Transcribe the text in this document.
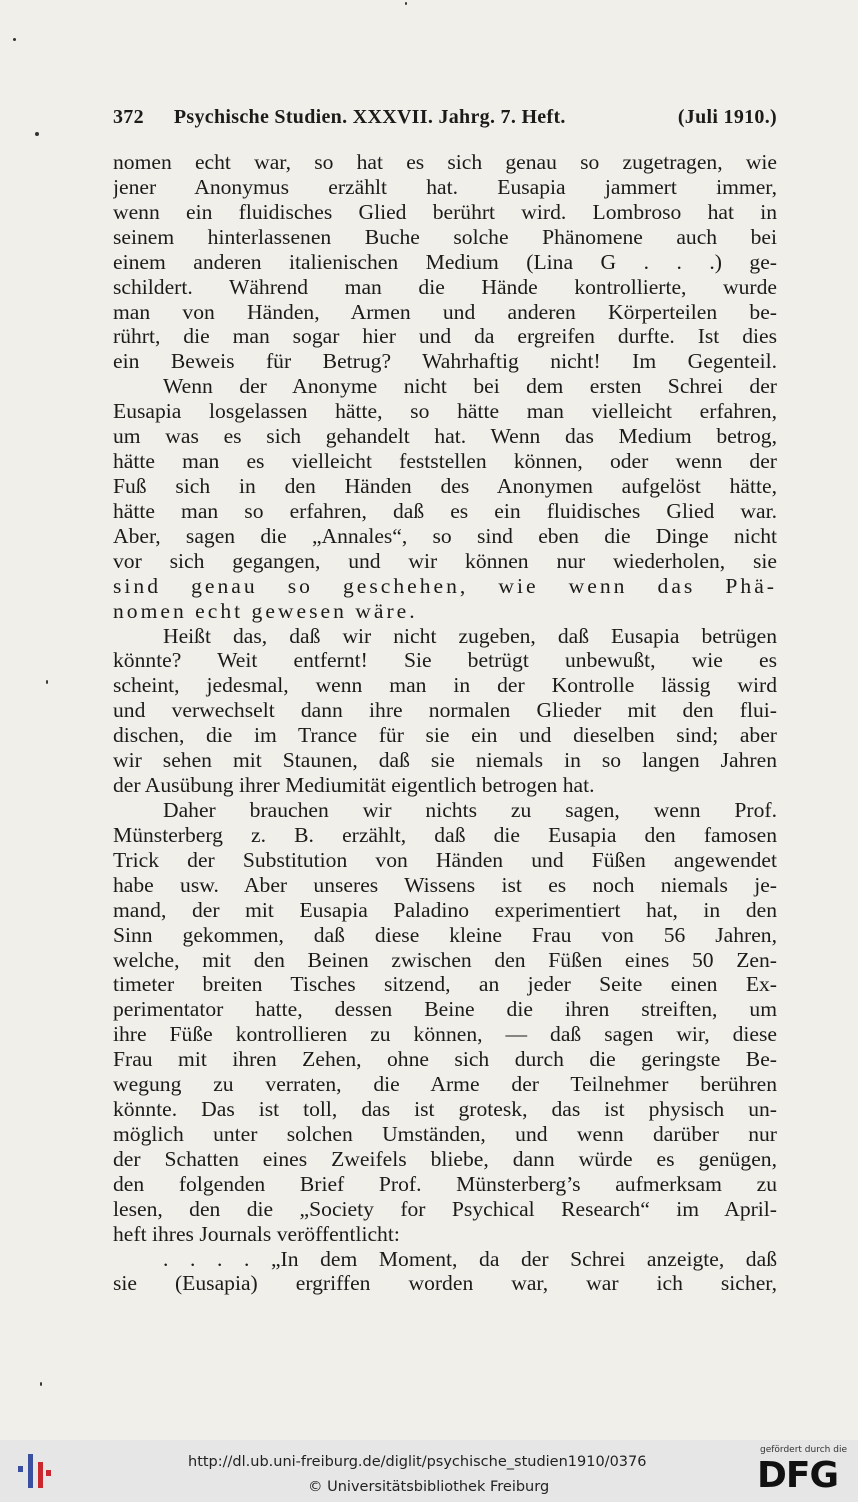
372 Psychische Studien. XXXVII. Jahrg. 7. Heft.	(Juli 1910.)
nomen echt war, so hat es sich genau so zugetragen, wie
jener Anonymus erzählt hat. Eusapia jammert immer,
wenn ein fluidisches Glied berührt wird. Lombroso hat in
seinem hinterlassenen Buche solche Phänomene auch bei
einem anderen italienischen Medium (Lina G . . .) ge-
schildert. Während man die Hände kontrollierte, wurde
man von Händen, Armen und anderen Körperteilen be-
rührt, die man sogar hier und da ergreifen durfte. Ist dies
ein Beweis für Betrug? Wahrhaftig nicht! Im Gegenteil.
Wenn der Anonyme nicht bei dem ersten Schrei der
Eusapia losgelassen hätte, so hätte man vielleicht erfahren,
um was es sich gehandelt hat. Wenn das Medium betrog,
hätte man es vielleicht feststellen können, oder wenn der
Fuß sich in den Händen des Anonymen aufgelöst hätte,
hätte man so erfahren, daß es ein fluidisches Glied war.
Aber, sagen die „Annales“, so sind eben die Dinge nicht
vor sich gegangen, und wir können nur wiederholen, sie
sind genau so geschehen, wie wenn das Phä-
nomen echt gewesen wäre.
Heißt das, daß wir nicht zugeben, daß Eusapia betrügen
könnte? Weit entfernt! Sie betrügt unbewußt, wie es
scheint, jedesmal, wenn man in der Kontrolle lässig wird
und verwechselt dann ihre normalen Glieder mit den flui-
dischen, die im Trance für sie ein und dieselben sind; aber
wir sehen mit Staunen, daß sie niemals in so langen Jahren
der Ausübung ihrer Mediumität eigentlich betrogen hat.
Daher brauchen wir nichts zu sagen, wenn Prof.
Münsterberg z. B. erzählt, daß die Eusapia den famosen
Trick der Substitution von Händen und Füßen angewendet
habe usw. Aber unseres Wissens ist es noch niemals je-
mand, der mit Eusapia Paladino experimentiert hat, in den
Sinn gekommen, daß diese kleine Frau von 56 Jahren,
welche, mit den Beinen zwischen den Füßen eines 50 Zen-
timeter breiten Tisches sitzend, an jeder Seite einen Ex-
perimentator hatte, dessen Beine die ihren streiften, um
ihre Füße kontrollieren zu können, — daß sagen wir, diese
Frau mit ihren Zehen, ohne sich durch die geringste Be-
wegung zu verraten, die Arme der Teilnehmer berühren
könnte. Das ist toll, das ist grotesk, das ist physisch un-
möglich unter solchen Umständen, und wenn darüber nur
der Schatten eines Zweifels bliebe, dann würde es genügen,
den folgenden Brief Prof. Münsterberg’s aufmerksam zu
lesen, den die „Society for Psychical Research“ im April-
heft ihres Journals veröffentlicht:
. . . . „In dem Moment, da der Schrei anzeigte, daß
sie (Eusapia) ergriffen worden war, war ich sicher,
http://dl.ub.uni-freiburg.de/diglit/psychische_studien1910/0376
© Universitätsbibliothek Freiburg
gefördert durch die
DFG
